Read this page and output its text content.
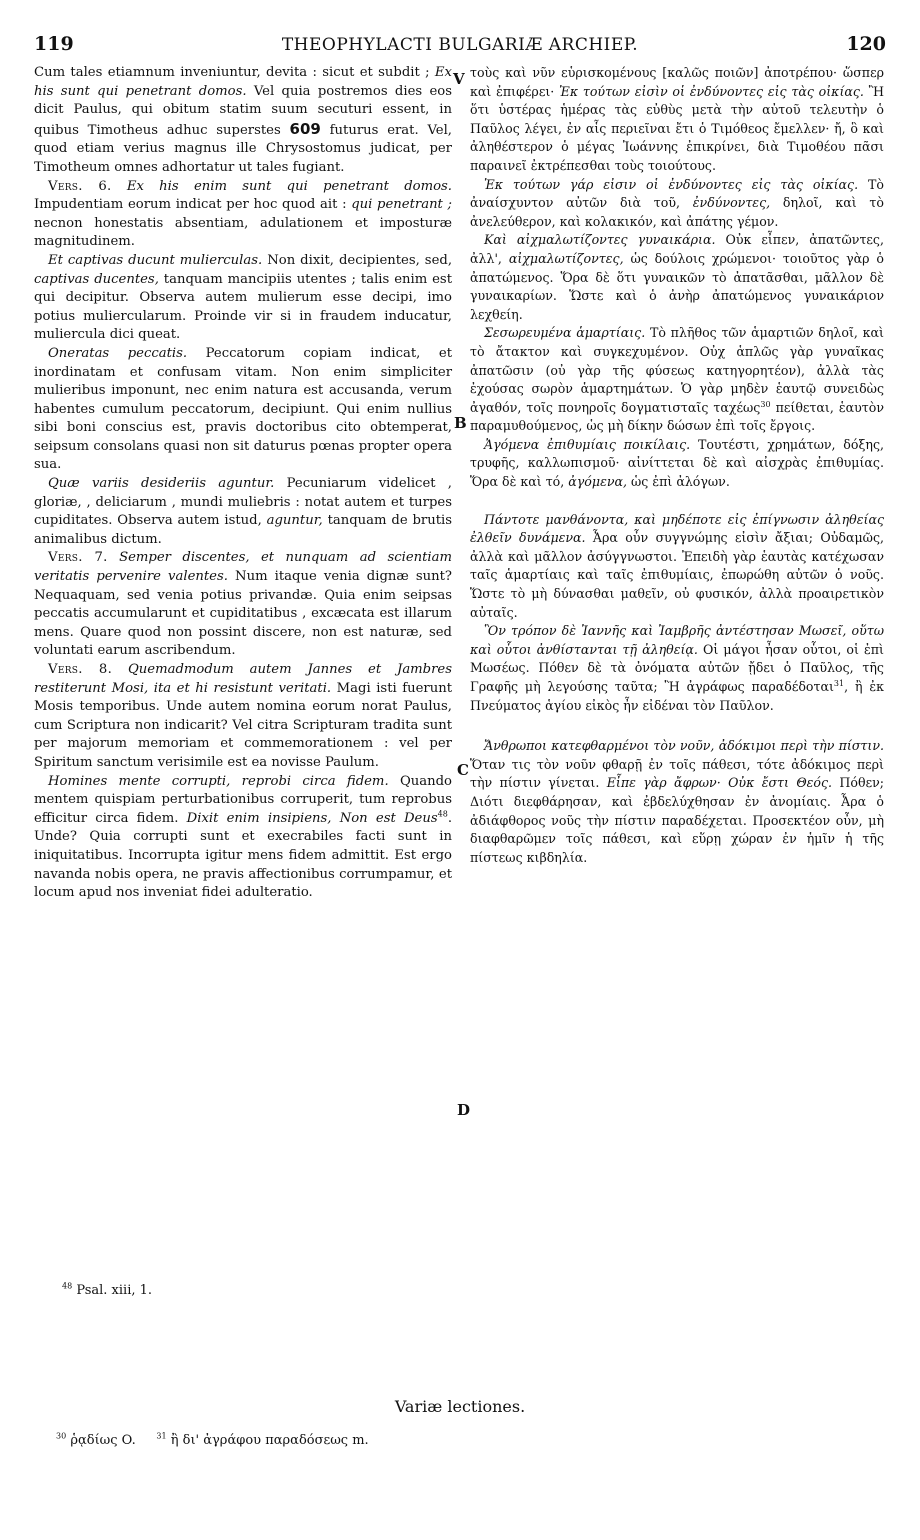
119	THEOPHYLACTI BULGARIÆ ARCHIEP.	120
V
B
C
D

Cum tales etiamnum inveniuntur, devita : sicut et subdit ; Ex his sunt qui penetrant domos. Vel quia postremos dies eos dicit Paulus, qui obitum statim suum secuturi essent, in quibus Timotheus adhuc superstes 609 futurus erat. Vel, quod etiam verius magnus ille Chrysostomus judicat, per Timotheum omnes adhortatur ut tales fugiant.

Vers. 6. Ex his enim sunt qui penetrant domos. Impudentiam eorum indicat per hoc quod ait : qui penetrant ; necnon honestatis absentiam, adulationem et imposturæ magnitudinem.

Et captivas ducunt mulierculas. Non dixit, decipientes, sed, captivas ducentes, tanquam mancipiis utentes ; talis enim est qui decipitur. Observa autem mulierum esse decipi, imo potius muliercularum. Proinde vir si in fraudem inducatur, muliercula dici queat.

Oneratas peccatis. Peccatorum copiam indicat, et inordinatam et confusam vitam. Non enim simpliciter mulieribus imponunt, nec enim natura est accusanda, verum habentes cumulum peccatorum, decipiunt. Qui enim nullius sibi boni conscius est, pravis doctoribus cito obtemperat, seipsum consolans quasi non sit daturus pœnas propter opera sua.

Quæ variis desideriis aguntur. Pecuniarum videlicet , gloriæ, , deliciarum , mundi muliebris : notat autem et turpes cupiditates. Observa autem istud, aguntur, tanquam de brutis animalibus dictum.

Vers. 7. Semper discentes, et nunquam ad scientiam veritatis pervenire valentes. Num itaque venia dignæ sunt? Nequaquam, sed venia potius privandæ. Quia enim seipsas peccatis accumularunt et cupiditatibus , excæcata est illarum mens. Quare quod non possint discere, non est naturæ, sed voluntati earum ascribendum.

Vers. 8. Quemadmodum autem Jannes et Jambres restiterunt Mosi, ita et hi resistunt veritati. Magi isti fuerunt Mosis temporibus. Unde autem nomina eorum norat Paulus, cum Scriptura non indicarit? Vel citra Scripturam tradita sunt per majorum memoriam et commemorationem : vel per Spiritum sanctum verisimile est ea novisse Paulum.

Homines mente corrupti, reprobi circa fidem. Quando mentem quispiam perturbationibus corruperit, tum reprobus efficitur circa fidem. Dixit enim insipiens, Non est Deus$^{48}$. Unde? Quia corrupti sunt et execrabiles facti sunt in iniquitatibus. Incorrupta igitur mens fidem admittit. Est ergo navanda nobis opera, ne pravis affectionibus corrumpamur, et locum apud nos inveniat fidei adulteratio.

τοὺς καὶ νῦν εὑρισκομένους [καλῶς ποιῶν] ἀποτρέπου· ὥσπερ καὶ ἐπιφέρει· Ἐκ τούτων εἰσὶν οἱ ἐνδύνοντες εἰς τὰς οἰκίας. Ἢ ὅτι ὑστέρας ἡμέρας τὰς εὐθὺς μετὰ τὴν αὐτοῦ τελευτὴν ὁ Παῦλος λέγει, ἐν αἷς περιεῖναι ἔτι ὁ Τιμόθεος ἔμελλεν· ἤ, ὃ καὶ ἀληθέστερον ὁ μέγας Ἰωάννης ἐπικρίνει, διὰ Τιμοθέου πᾶσι παραινεῖ ἐκτρέπεσθαι τοὺς τοιούτους.

Ἐκ τούτων γάρ εἰσιν οἱ ἐνδύνοντες εἰς τὰς οἰκίας. Τὸ ἀναίσχυντον αὐτῶν διὰ τοῦ, ἐνδύνοντες, δηλοῖ, καὶ τὸ ἀνελεύθερον, καὶ κολακικόν, καὶ ἀπάτης γέμον.

Καὶ αἰχμαλωτίζοντες γυναικάρια. Οὐκ εἶπεν, ἀπατῶντες, ἀλλ', αἰχμαλωτίζοντες, ὡς δούλοις χρώμενοι· τοιοῦτος γὰρ ὁ ἀπατώμενος. Ὅρα δὲ ὅτι γυναικῶν τὸ ἀπατᾶσθαι, μᾶλλον δὲ γυναικαρίων. Ὥστε καὶ ὁ ἀνὴρ ἀπατώμενος γυναικάριον λεχθείη.

Σεσωρευμένα ἁμαρτίαις. Τὸ πλῆθος τῶν ἁμαρτιῶν δηλοῖ, καὶ τὸ ἄτακτον καὶ συγκεχυμένον. Οὐχ ἁπλῶς γὰρ γυναῖκας ἀπατῶσιν (οὐ γὰρ τῆς φύσεως κατηγορητέον), ἀλλὰ τὰς ἐχούσας σωρὸν ἁμαρτημάτων. Ὁ γὰρ μηδὲν ἑαυτῷ συνειδὼς ἀγαθόν, τοῖς πονηροῖς δογματισταῖς ταχέως$^{30}$ πείθεται, ἑαυτὸν παραμυθούμενος, ὡς μὴ δίκην δώσων ἐπὶ τοῖς ἔργοις.

Ἀγόμενα ἐπιθυμίαις ποικίλαις. Τουτέστι, χρημάτων, δόξης, τρυφῆς, καλλωπισμοῦ· αἰνίττεται δὲ καὶ αἰσχρὰς ἐπιθυμίας. Ὅρα δὲ καὶ τό, ἀγόμενα, ὡς ἐπὶ ἀλόγων.

Πάντοτε μανθάνοντα, καὶ μηδέποτε εἰς ἐπίγνωσιν ἀληθείας ἐλθεῖν δυνάμενα. Ἆρα οὖν συγγνώμης εἰσὶν ἄξιαι; Οὐδαμῶς, ἀλλὰ καὶ μᾶλλον ἀσύγγνωστοι. Ἐπειδὴ γὰρ ἑαυτὰς κατέχωσαν ταῖς ἁμαρτίαις καὶ ταῖς ἐπιθυμίαις, ἐπωρώθη αὐτῶν ὁ νοῦς. Ὥστε τὸ μὴ δύνασθαι μαθεῖν, οὐ φυσικόν, ἀλλὰ προαιρετικὸν αὐταῖς.

Ὃν τρόπον δὲ Ἰαννῆς καὶ Ἰαμβρῆς ἀντέστησαν Μωσεῖ, οὕτω καὶ οὗτοι ἀνθίστανται τῇ ἀληθείᾳ. Οἱ μάγοι ἦσαν οὗτοι, οἱ ἐπὶ Μωσέως. Πόθεν δὲ τὰ ὀνόματα αὐτῶν ᾔδει ὁ Παῦλος, τῆς Γραφῆς μὴ λεγούσης ταῦτα; Ἢ ἀγράφως παραδέδοται$^{31}$, ἢ ἐκ Πνεύματος ἁγίου εἰκὸς ἦν εἰδέναι τὸν Παῦλον.

Ἄνθρωποι κατεφθαρμένοι τὸν νοῦν, ἀδόκιμοι περὶ τὴν πίστιν. Ὅταν τις τὸν νοῦν φθαρῇ ἐν τοῖς πάθεσι, τότε ἀδόκιμος περὶ τὴν πίστιν γίνεται. Εἶπε γὰρ ἄφρων· Οὐκ ἔστι Θεός. Πόθεν; Διότι διεφθάρησαν, καὶ ἐβδελύχθησαν ἐν ἀνομίαις. Ἆρα ὁ ἀδιάφθορος νοῦς τὴν πίστιν παραδέχεται. Προσεκτέον οὖν, μὴ διαφθαρῶμεν τοῖς πάθεσι, καὶ εὕρῃ χώραν ἐν ἡμῖν ἡ τῆς πίστεως κιβδηλία.

$^{48}$ Psal. xiii, 1.
Variæ lectiones.
$^{30}$ ῥᾳδίως O.	$^{31}$ ἢ δι' ἀγράφου παραδόσεως m.
